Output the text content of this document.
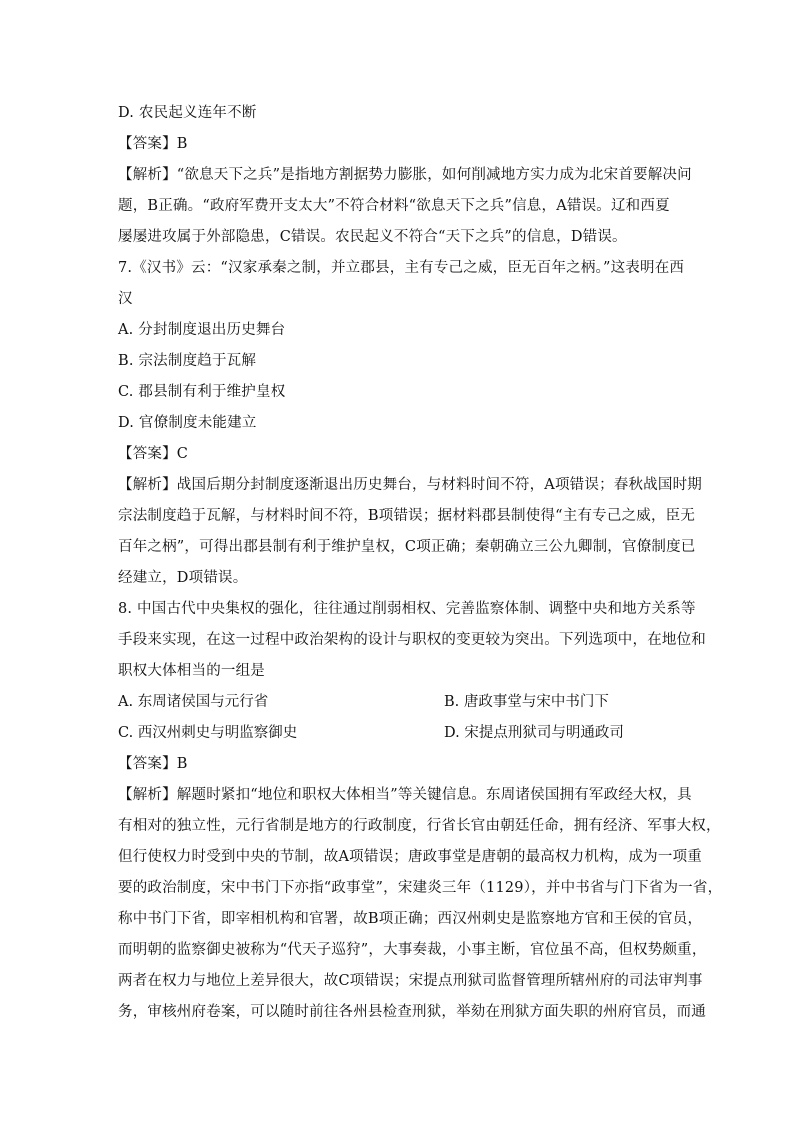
D. 农民起义连年不断
【答案】B
【解析】“欲息天下之兵”是指地方割据势力膨胀，如何削减地方实力成为北宋首要解决问
题，B正确。“政府军费开支太大”不符合材料“欲息天下之兵”信息，A错误。辽和西夏
屡屡进攻属于外部隐患，C错误。农民起义不符合“天下之兵”的信息，D错误。
7.《汉书》云：“汉家承秦之制，并立郡县，主有专己之威，臣无百年之柄。”这表明在西
汉
A. 分封制度退出历史舞台
B. 宗法制度趋于瓦解
C. 郡县制有利于维护皇权
D. 官僚制度未能建立
【答案】C
【解析】战国后期分封制度逐渐退出历史舞台，与材料时间不符，A项错误；春秋战国时期
宗法制度趋于瓦解，与材料时间不符，B项错误；据材料郡县制使得“主有专己之威，臣无
百年之柄”，可得出郡县制有利于维护皇权，C项正确；秦朝确立三公九卿制，官僚制度已
经建立，D项错误。
8. 中国古代中央集权的强化，往往通过削弱相权、完善监察体制、调整中央和地方关系等
手段来实现，在这一过程中政治架构的设计与职权的变更较为突出。下列选项中，在地位和
职权大体相当的一组是
A. 东周诸侯国与元行省	B. 唐政事堂与宋中书门下
C. 西汉州刺史与明监察御史	D. 宋提点刑狱司与明通政司
【答案】B
【解析】解题时紧扣“地位和职权大体相当”等关键信息。东周诸侯国拥有军政经大权，具
有相对的独立性，元行省制是地方的行政制度，行省长官由朝廷任命，拥有经济、军事大权，
但行使权力时受到中央的节制，故A项错误；唐政事堂是唐朝的最高权力机构，成为一项重
要的政治制度，宋中书门下亦指“政事堂”，宋建炎三年（1129），并中书省与门下省为一省，
称中书门下省，即宰相机构和官署，故B项正确；西汉州刺史是监察地方官和王侯的官员，
而明朝的监察御史被称为“代天子巡狩”，大事奏裁，小事主断，官位虽不高，但权势颇重，
两者在权力与地位上差异很大，故C项错误；宋提点刑狱司监督管理所辖州府的司法审判事
务，审核州府卷案，可以随时前往各州县检查刑狱，举劾在刑狱方面失职的州府官员，而通
